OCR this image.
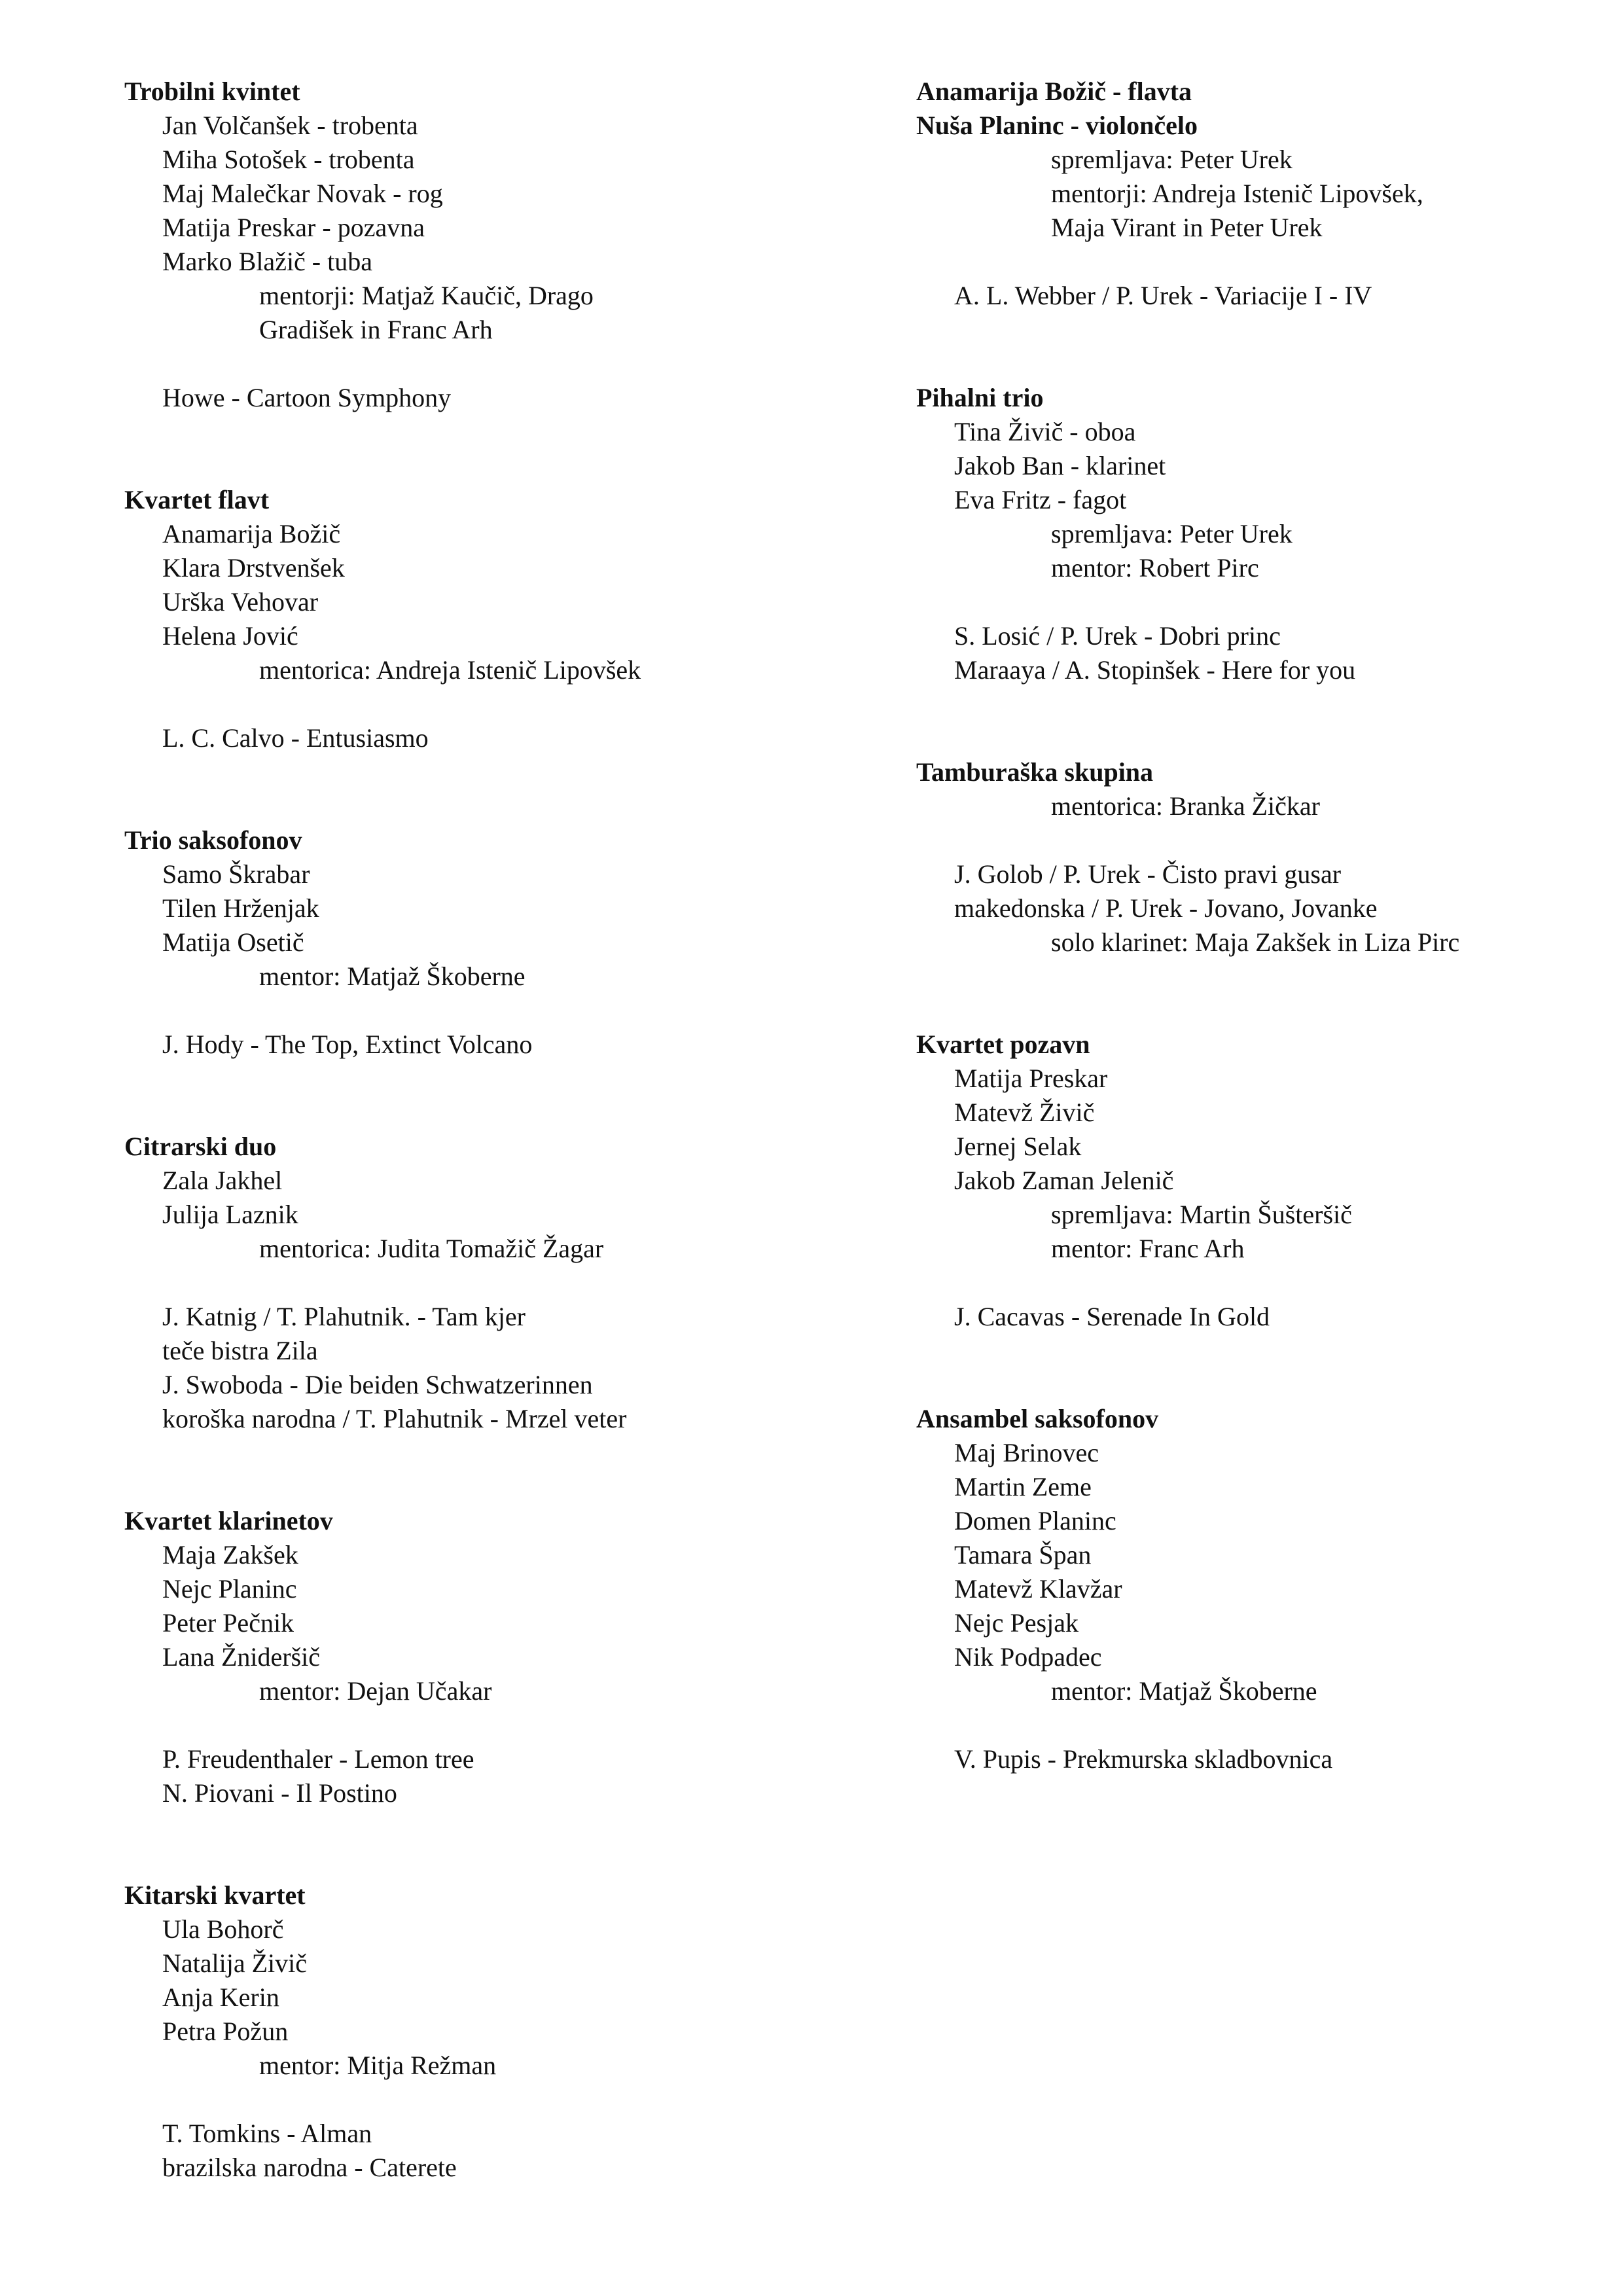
Trobilni kvintet
Jan Volčanšek - trobenta
Miha Sotošek - trobenta
Maj Malečkar Novak - rog
Matija Preskar - pozavna
Marko Blažič - tuba
mentorji: Matjaž Kaučič, Drago
Gradišek in Franc Arh
Howe - Cartoon Symphony
Kvartet flavt
Anamarija Božič
Klara Drstvenšek
Urška Vehovar
Helena Jović
mentorica: Andreja Istenič Lipovšek
L. C. Calvo - Entusiasmo
Trio saksofonov
Samo Škrabar
Tilen Hrženjak
Matija Osetič
mentor: Matjaž Škoberne
J. Hody - The Top, Extinct Volcano
Citrarski duo
Zala Jakhel
Julija Laznik
mentorica: Judita Tomažič Žagar
J. Katnig / T. Plahutnik. - Tam kjer
teče bistra Zila
J. Swoboda - Die beiden Schwatzerinnen
koroška narodna / T. Plahutnik - Mrzel veter
Kvartet klarinetov
Maja Zakšek
Nejc Planinc
Peter Pečnik
Lana Žnideršič
mentor: Dejan Učakar
P. Freudenthaler - Lemon tree
N. Piovani - Il Postino
Kitarski kvartet
Ula Bohorč
Natalija Živič
Anja Kerin
Petra Požun
mentor: Mitja Režman
T. Tomkins - Alman
brazilska narodna - Caterete
Anamarija Božič - flavta
Nuša Planinc - violončelo
spremljava: Peter Urek
mentorji: Andreja Istenič Lipovšek,
Maja Virant in Peter Urek
A. L. Webber / P. Urek - Variacije I - IV
Pihalni trio
Tina Živič - oboa
Jakob Ban - klarinet
Eva Fritz - fagot
spremljava: Peter Urek
mentor: Robert Pirc
S. Losić / P. Urek - Dobri princ
Maraaya / A. Stopinšek - Here for you
Tamburaška skupina
mentorica: Branka Žičkar
J. Golob / P. Urek - Čisto pravi gusar
makedonska / P. Urek - Jovano, Jovanke
solo klarinet: Maja Zakšek in Liza Pirc
Kvartet pozavn
Matija Preskar
Matevž Živič
Jernej Selak
Jakob Zaman Jelenič
spremljava: Martin Šušteršič
mentor: Franc Arh
J. Cacavas - Serenade In Gold
Ansambel saksofonov
Maj Brinovec
Martin Zeme
Domen Planinc
Tamara Špan
Matevž Klavžar
Nejc Pesjak
Nik Podpadec
mentor: Matjaž Škoberne
V. Pupis - Prekmurska skladbovnica
